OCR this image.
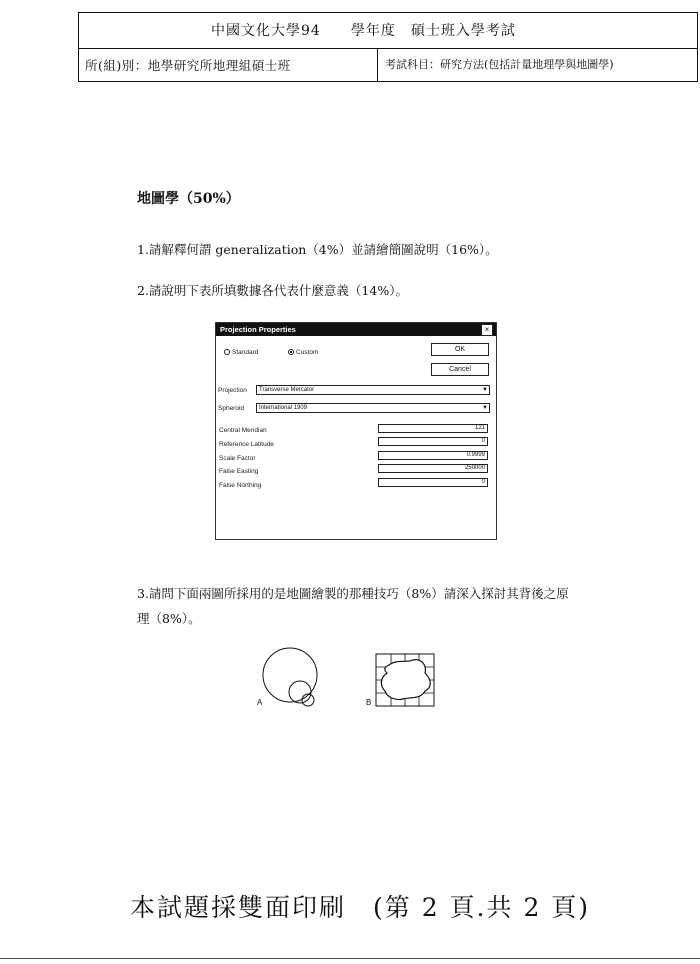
中國文化大學94　　學年度　碩士班入學考試
所(組)別：地學研究所地理組碩士班	考試科目：研究方法(包括計量地理學與地圖學)
地圖學（50%）
1.請解釋何謂 generalization（4%）並請繪簡圖說明（16%）。
2.請說明下表所填數據各代表什麼意義（14%）。
Projection Properties	×
Standard	Custom	OK
Cancel
Projection	Transverse Mercator	▼
Spheroid	International 1909	▼
Central Meridian	121
Reference Latitude	0
Scale Factor	0.9999
False Easting	250000
False Northing	0
3.請問下面兩圖所採用的是地圖繪製的那種技巧（8%）請深入探討其背後之原
理（8%）。
A	B
本試題採雙面印刷　(第 2 頁.共 2 頁)
